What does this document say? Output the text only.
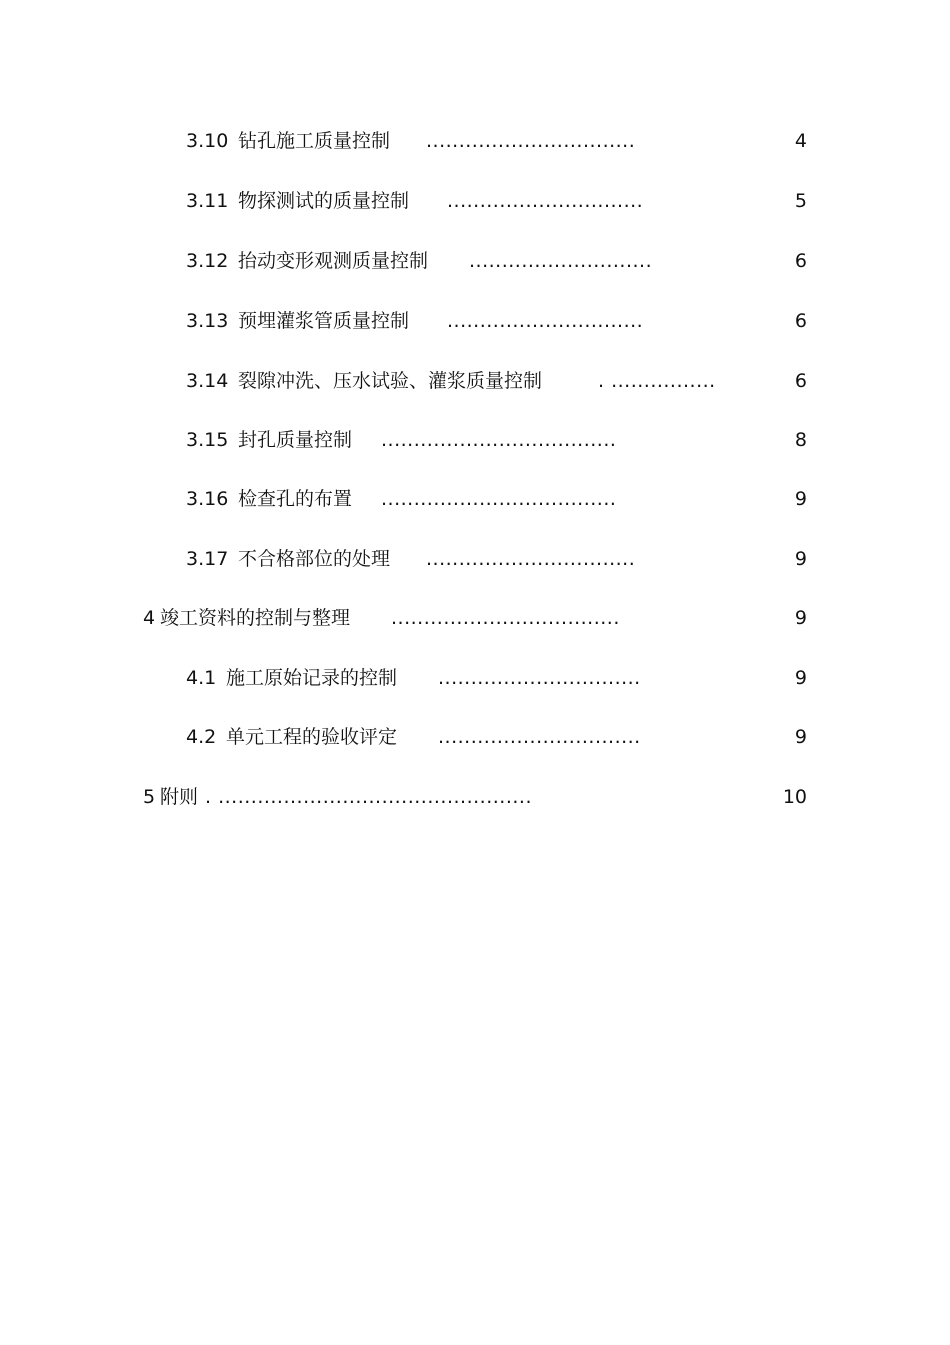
3.10 钻孔施工质量控制 ................................	4
3.11 物探测试的质量控制 ..............................	5
3.12 抬动变形观测质量控制 ............................	6
3.13 预埋灌浆管质量控制 ..............................	6
3.14 裂隙冲洗、压水试验、灌浆质量控制	. ................	6
3.15 封孔质量控制 ....................................	8
3.16 检查孔的布置 ....................................	9
3.17 不合格部位的处理 ................................	9
4 竣工资料的控制与整理 ...................................	9
4.1 施工原始记录的控制 ...............................	9
4.2 单元工程的验收评定 ...............................	9
5 附则 . ................................................	10
